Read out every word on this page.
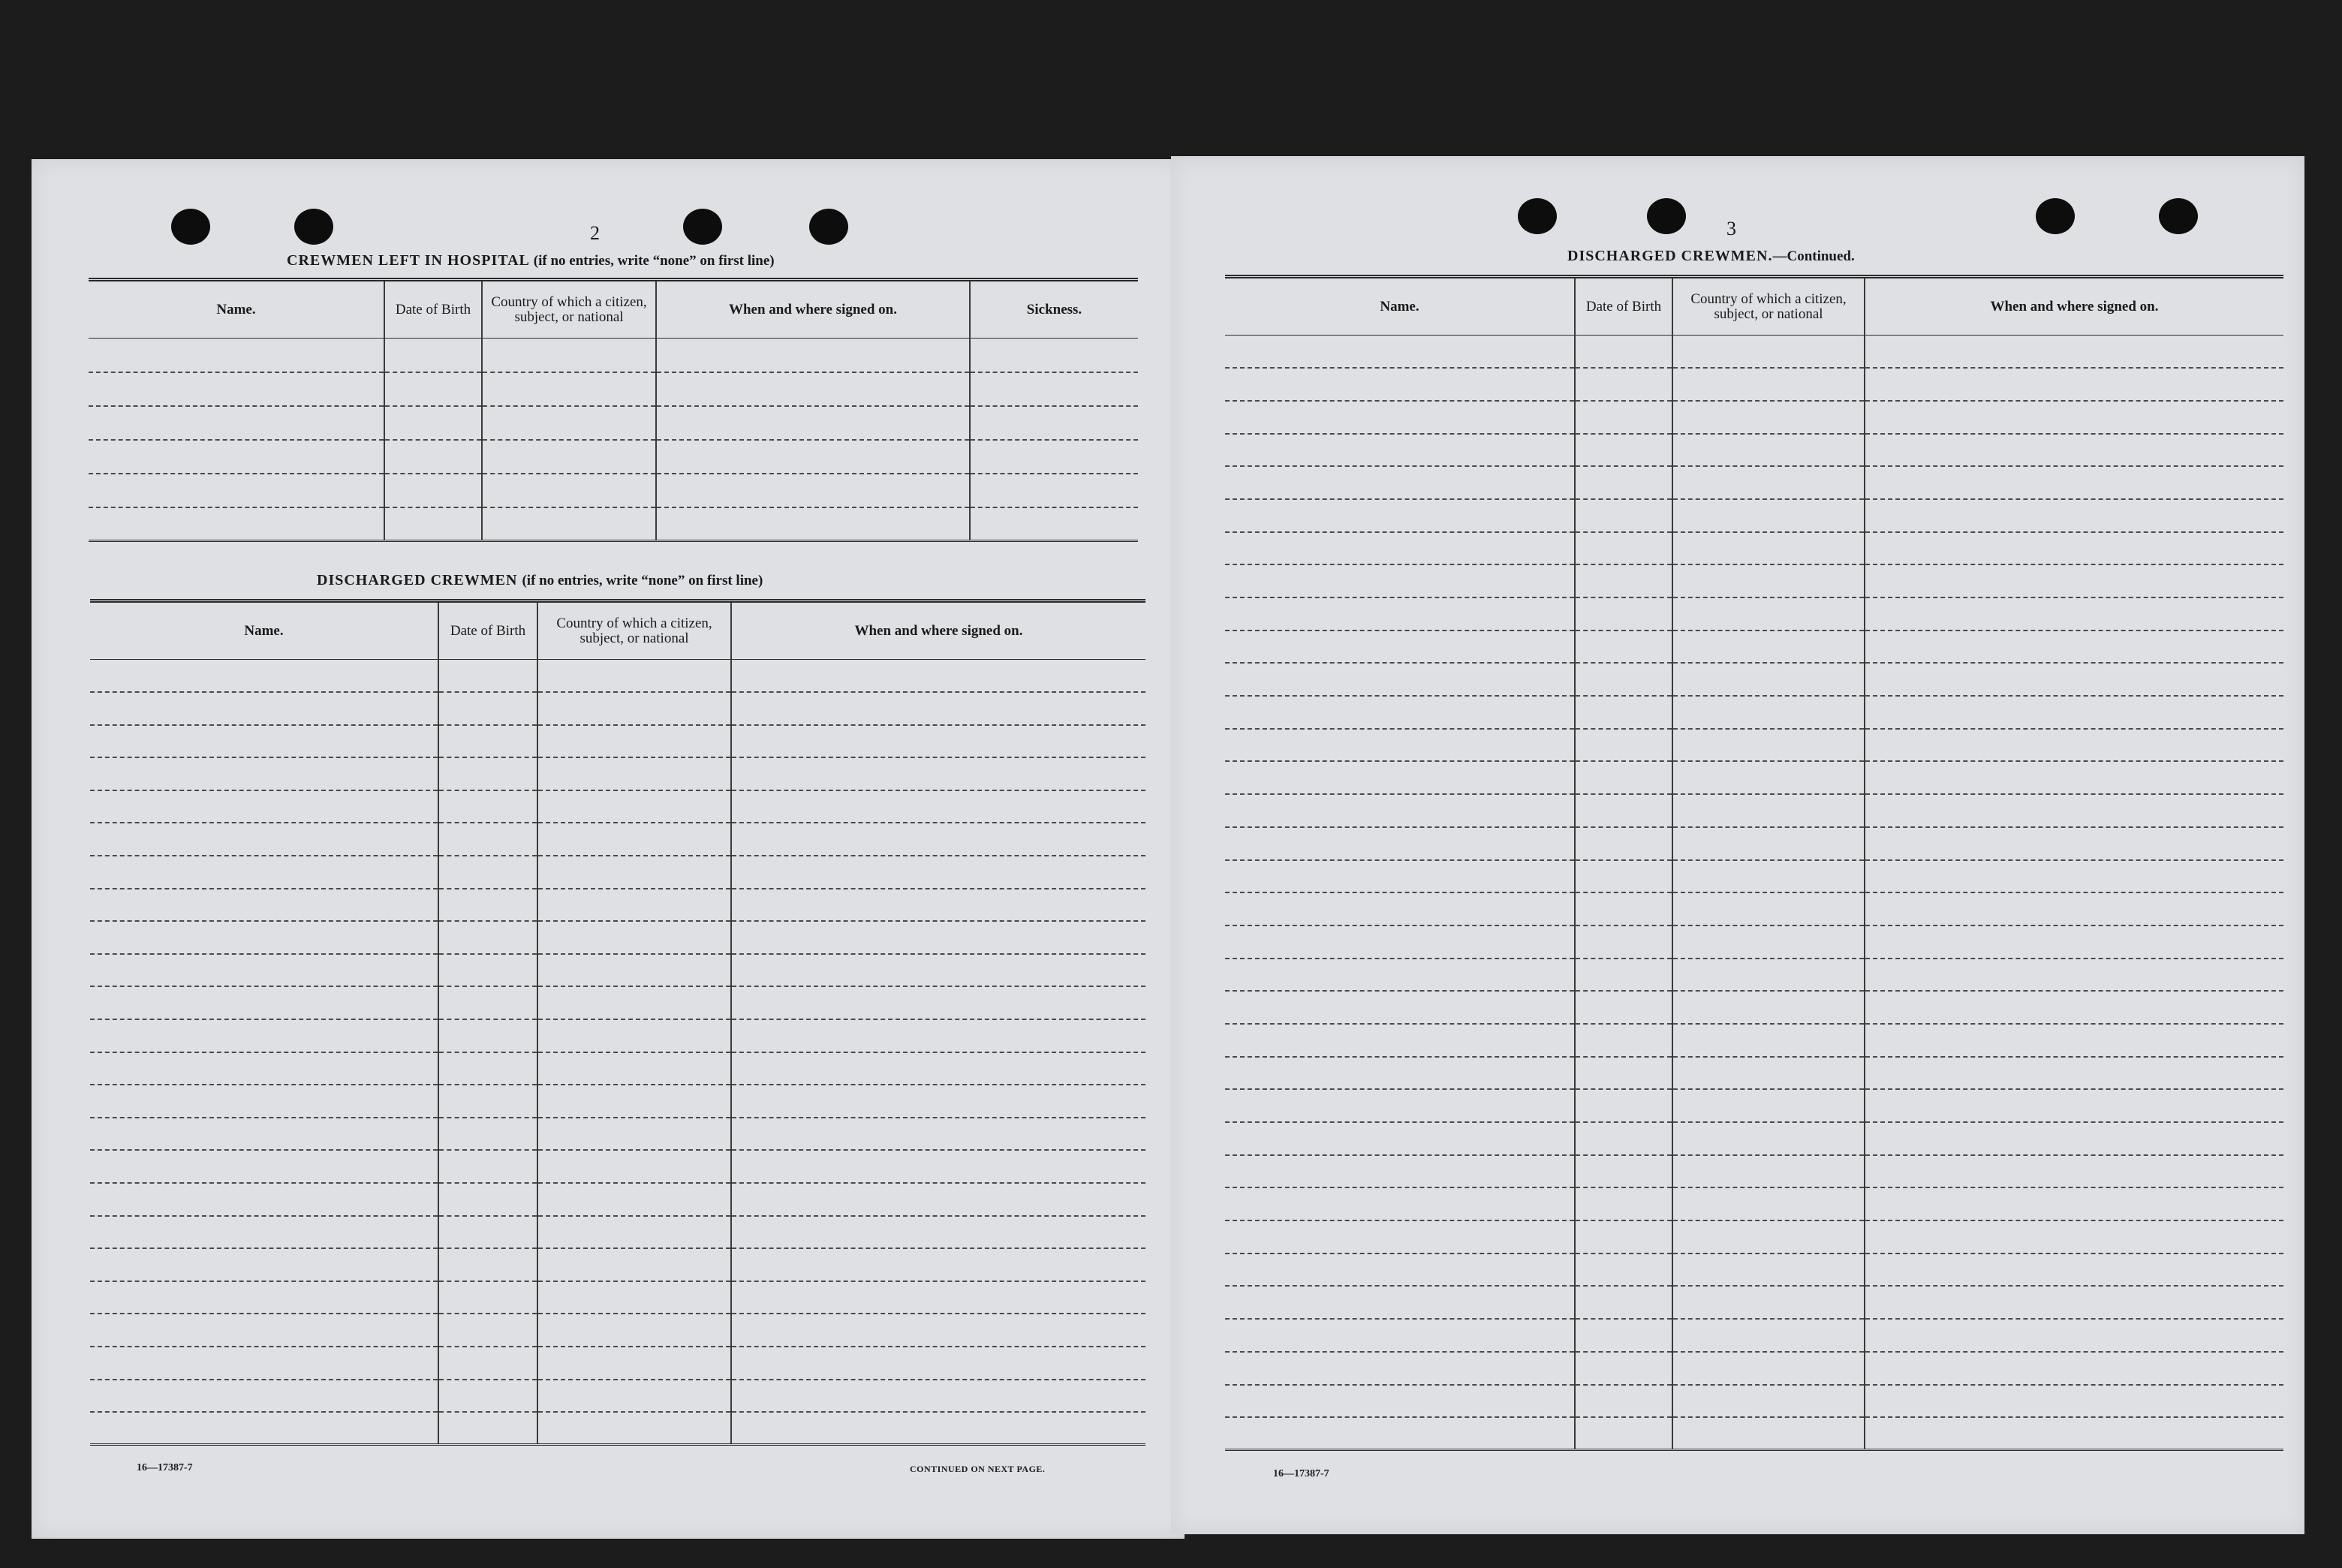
2
CREWMEN LEFT IN HOSPITAL (if no entries, write “none” on first line)
Name.	Date of Birth	Country of which a citizen, subject, or national	When and where signed on.	Sickness.

DISCHARGED CREWMEN (if no entries, write “none” on first line)
Name.	Date of Birth	Country of which a citizen, subject, or national	When and where signed on.

16—17387-7	CONTINUED ON NEXT PAGE.
3
DISCHARGED CREWMEN.—Continued.
Name.	Date of Birth	Country of which a citizen, subject, or national	When and where signed on.

16—17387-7
